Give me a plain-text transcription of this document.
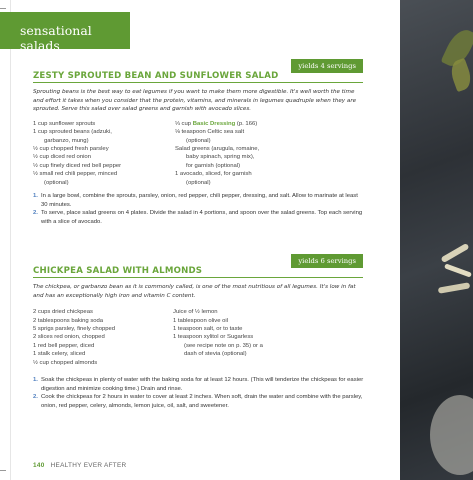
sensational salads
ZESTY SPROUTED BEAN AND SUNFLOWER SALAD
yields 4 servings
Sprouting beans is the best way to eat legumes if you want to make them more digestible. It's well worth the time and effort it takes when you consider that the protein, vitamins, and minerals in legumes quadruple when they are sprouted. Serve this salad over salad greens and garnish with avocado slices.
1 cup sunflower sprouts
1 cup sprouted beans (adzuki,
garbanzo, mung)
½ cup chopped fresh parsley
½ cup diced red onion
½ cup finely diced red bell pepper
½ small red chili pepper, minced
(optional)
⅓ cup Basic Dressing (p. 166)
⅛ teaspoon Celtic sea salt
(optional)
Salad greens (arugula, romaine,
baby spinach, spring mix),
for garnish (optional)
1 avocado, sliced, for garnish
(optional)
1. In a large bowl, combine the sprouts, parsley, onion, red pepper, chili pepper, dressing, and salt. Allow to marinate at least 30 minutes.
2. To serve, place salad greens on 4 plates. Divide the salad in 4 portions, and spoon over the salad greens. Top each serving with a slice of avocado.
CHICKPEA SALAD WITH ALMONDS
yields 6 servings
The chickpea, or garbanzo bean as it is commonly called, is one of the most nutritious of all legumes. It's low in fat and has an exceptionally high iron and vitamin C content.
2 cups dried chickpeas
2 tablespoons baking soda
5 sprigs parsley, finely chopped
2 slices red onion, chopped
1 red bell pepper, diced
1 stalk celery, sliced
½ cup chopped almonds
Juice of ½ lemon
1 tablespoon olive oil
1 teaspoon salt, or to taste
1 teaspoon xylitol or Sugarless
(see recipe note on p. 35) or a
dash of stevia (optional)
1. Soak the chickpeas in plenty of water with the baking soda for at least 12 hours. (This will tenderize the chickpeas for easier digestion and minimize cooking time.) Drain and rinse.
2. Cook the chickpeas for 2 hours in water to cover at least 2 inches. When soft, drain the water and combine with the parsley, onion, red pepper, celery, almonds, lemon juice, oil, salt, and sweetener.
140 HEALTHY EVER AFTER
